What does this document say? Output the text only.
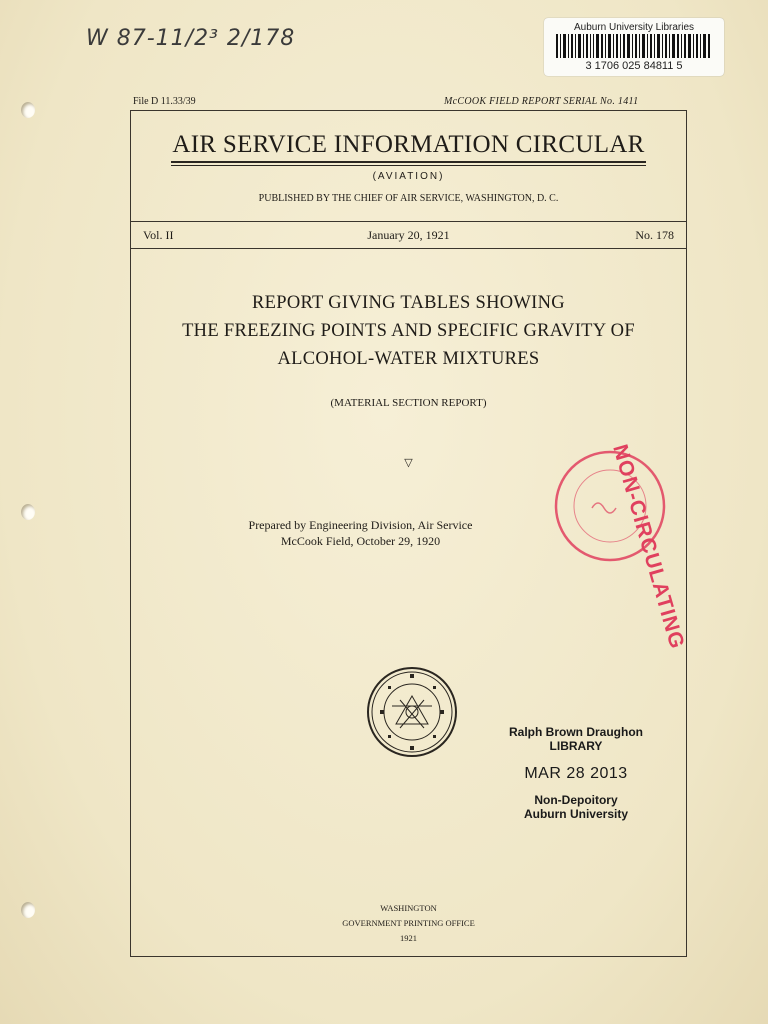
W 87-11/2³ 2/178	Auburn University Libraries
3 1706 025 84811 5
File D 11.33/39	McCOOK FIELD REPORT SERIAL No. 1411
AIR SERVICE INFORMATION CIRCULAR
(AVIATION)
PUBLISHED BY THE CHIEF OF AIR SERVICE, WASHINGTON, D. C.
Vol. II	January 20, 1921	No. 178
REPORT GIVING TABLES SHOWING
THE FREEZING POINTS AND SPECIFIC GRAVITY OF
ALCOHOL-WATER MIXTURES
(MATERIAL SECTION REPORT)
▽
Prepared by Engineering Division, Air Service
McCook Field, October 29, 1920
Ralph Brown Draughon
LIBRARY
MAR 28 2013
Non-Depoitory
Auburn University
WASHINGTON
GOVERNMENT PRINTING OFFICE
1921
NON-CIRCULATING
